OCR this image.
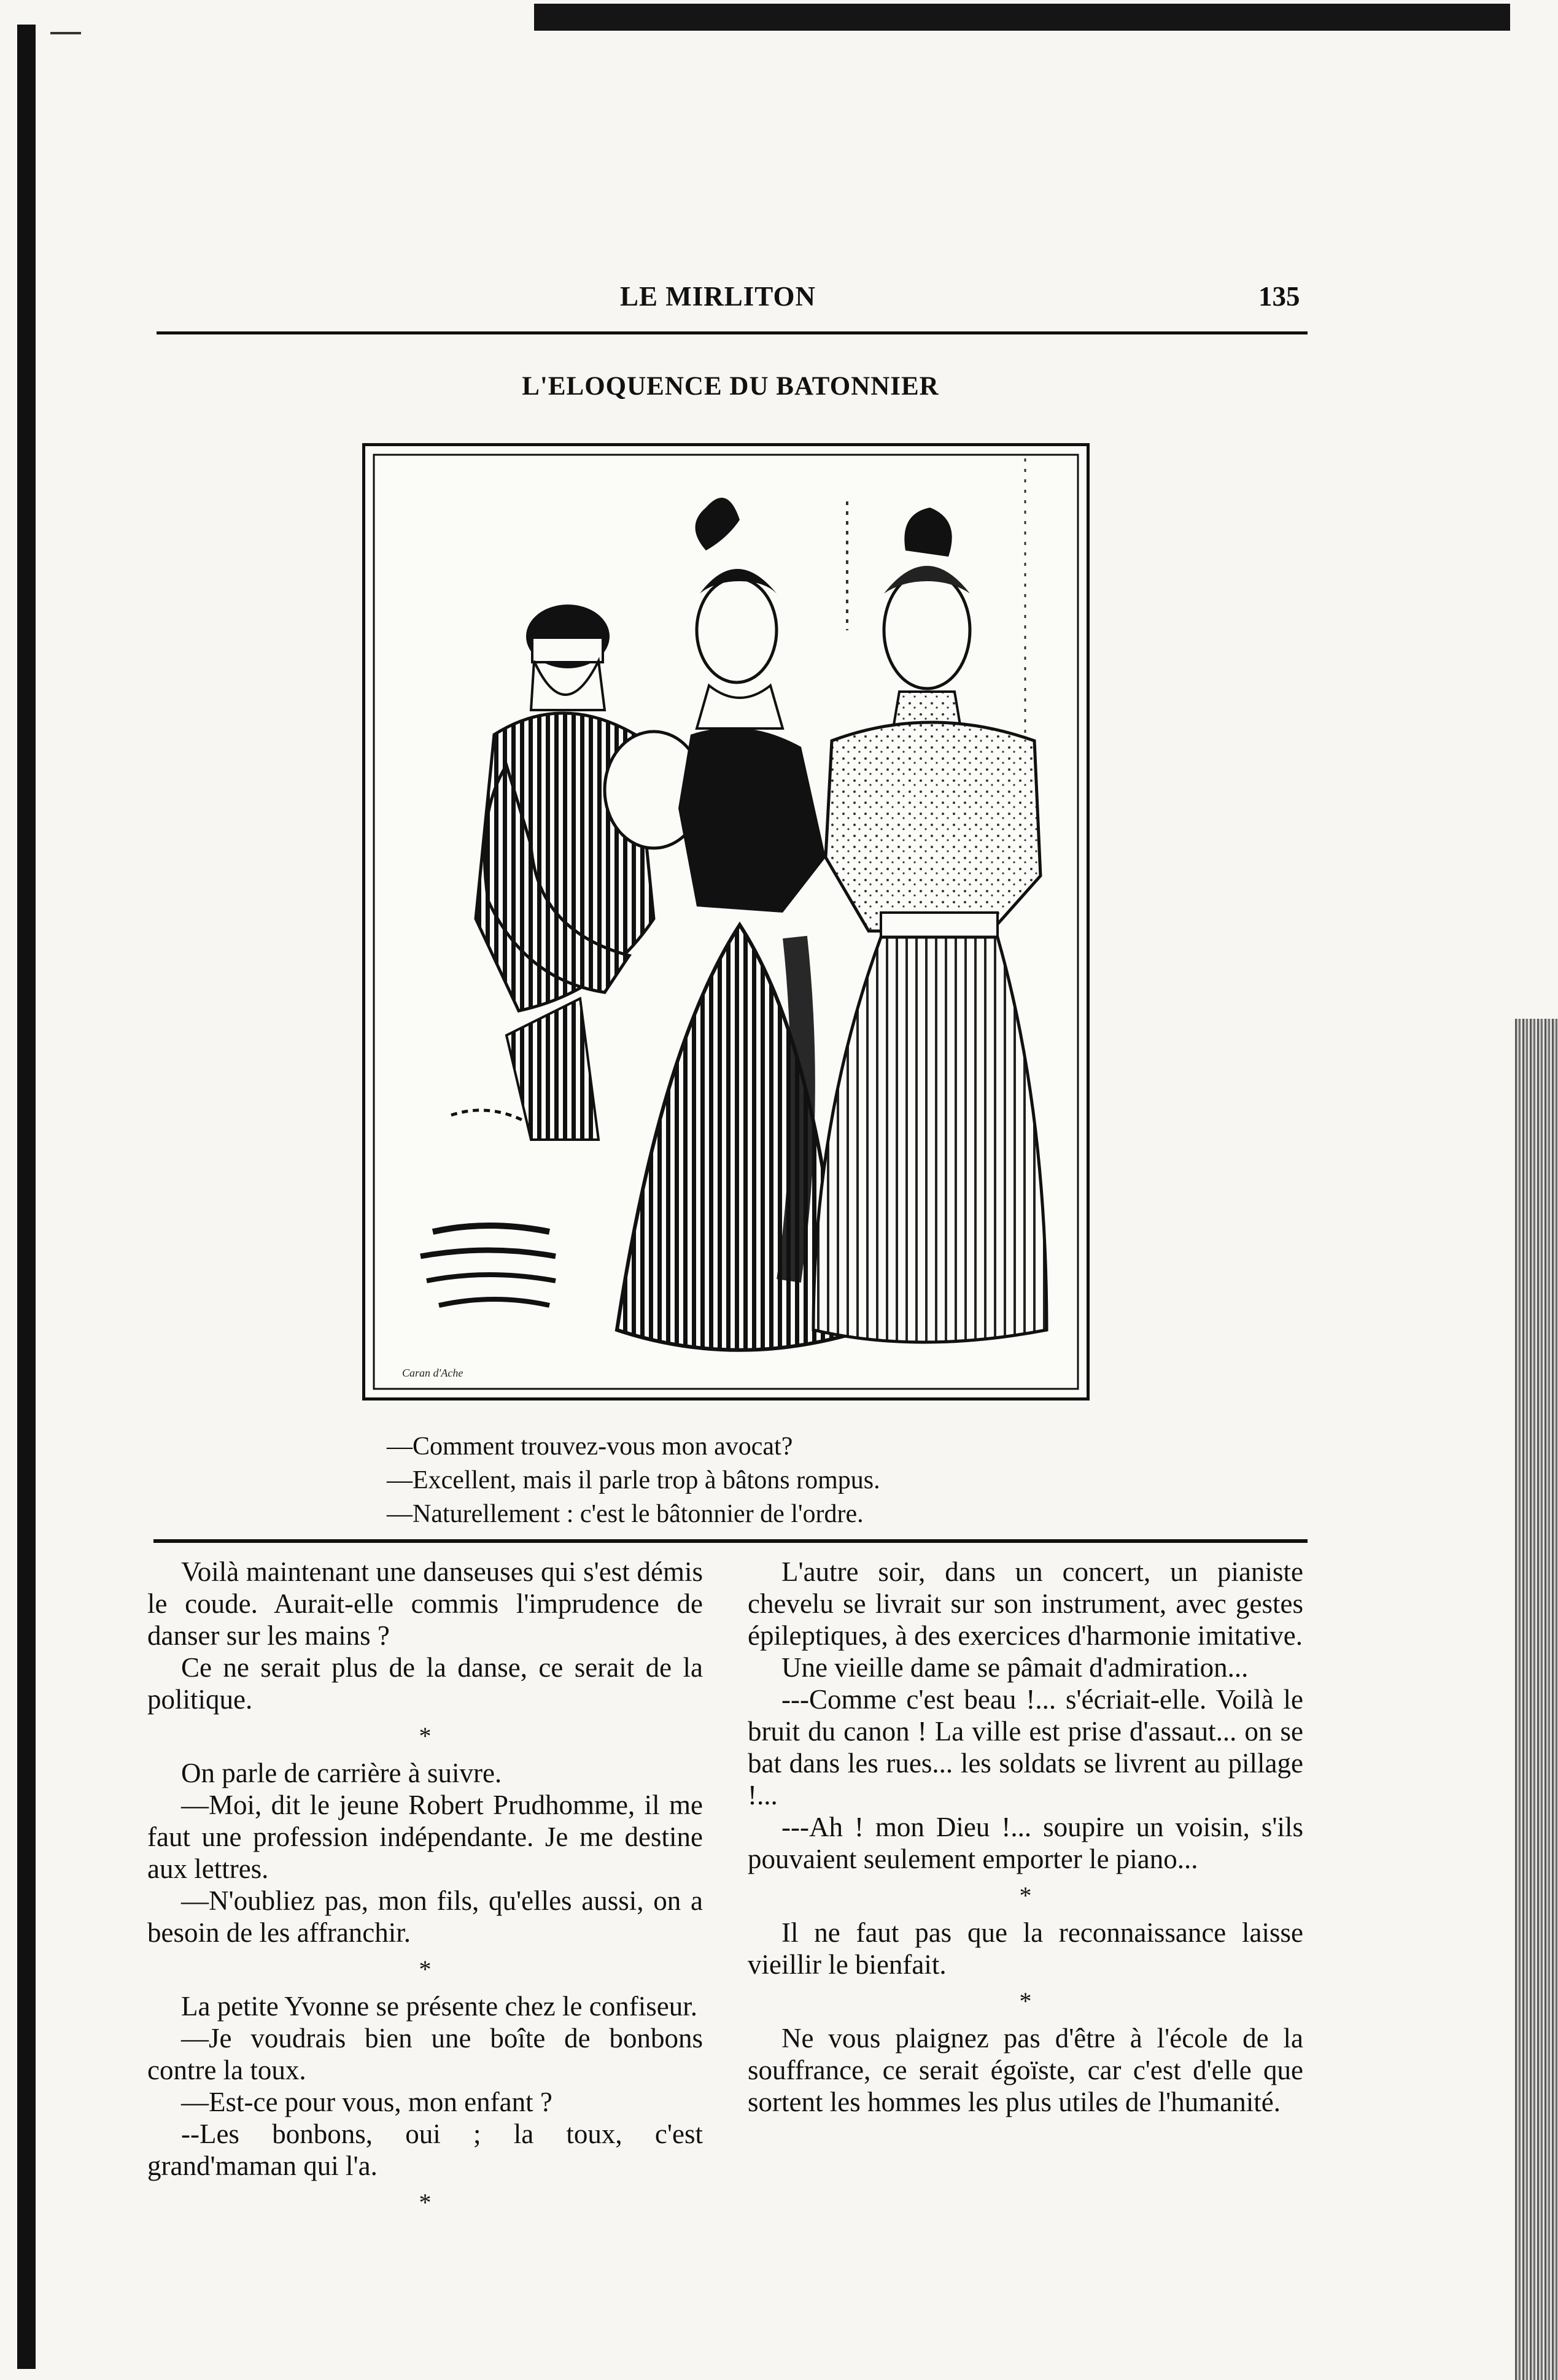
LE MIRLITON	135
L'ELOQUENCE DU BATONNIER
Caran d'Ache
—Comment trouvez-vous mon avocat?
—Excellent, mais il parle trop à bâtons rompus.
—Naturellement : c'est le bâtonnier de l'ordre.

Voilà maintenant une danseuses qui s'est démis le coude. Aurait-elle commis l'imprudence de danser sur les mains ?

Ce ne serait plus de la danse, ce serait de la politique.

*

On parle de carrière à suivre.

—Moi, dit le jeune Robert Prudhomme, il me faut une profession indépendante. Je me destine aux lettres.

—N'oubliez pas, mon fils, qu'elles aussi, on a besoin de les affranchir.

*

La petite Yvonne se présente chez le confiseur.

—Je voudrais bien une boîte de bonbons contre la toux.

—Est-ce pour vous, mon enfant ?

--Les bonbons, oui ; la toux, c'est grand'maman qui l'a.

*

L'autre soir, dans un concert, un pianiste chevelu se livrait sur son instrument, avec gestes épileptiques, à des exercices d'harmonie imitative.

Une vieille dame se pâmait d'admiration...

---Comme c'est beau !... s'écriait-elle. Voilà le bruit du canon ! La ville est prise d'assaut... on se bat dans les rues... les soldats se livrent au pillage !...

---Ah ! mon Dieu !... soupire un voisin, s'ils pouvaient seulement emporter le piano...

*

Il ne faut pas que la reconnaissance laisse vieillir le bienfait.

*

Ne vous plaignez pas d'être à l'école de la souffrance, ce serait égoïste, car c'est d'elle que sortent les hommes les plus utiles de l'humanité.
